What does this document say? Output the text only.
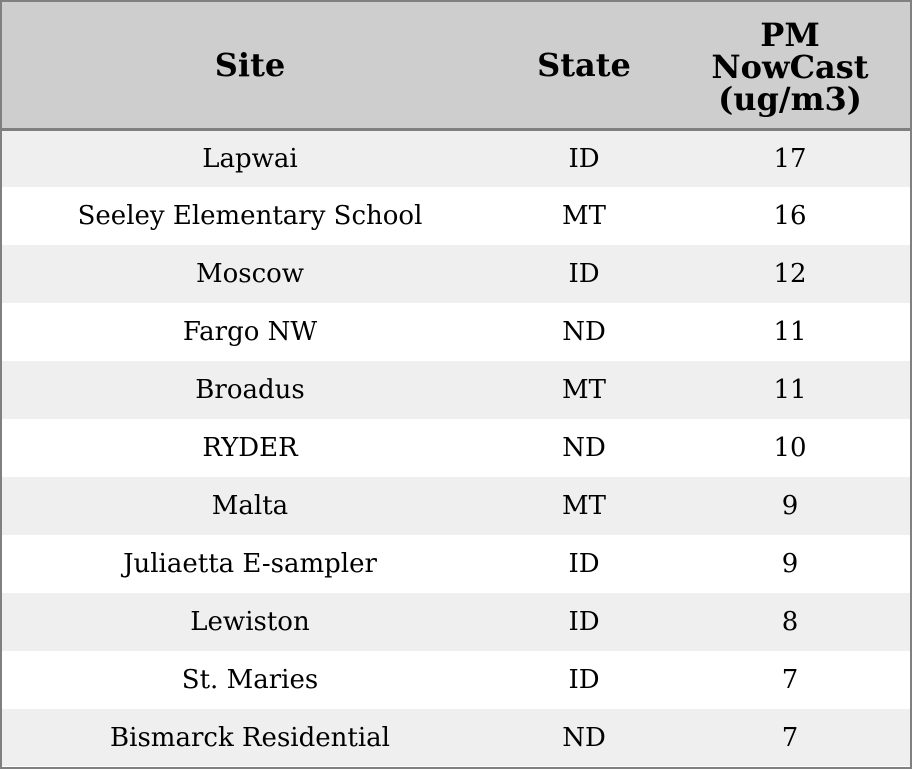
Site	State	PM
NowCast
(ug/m3)

Lapwai	ID	17
Seeley Elementary School	MT	16
Moscow	ID	12
Fargo NW	ND	11
Broadus	MT	11
RYDER	ND	10
Malta	MT	9
Juliaetta E-sampler	ID	9
Lewiston	ID	8
St. Maries	ID	7
Bismarck Residential	ND	7
